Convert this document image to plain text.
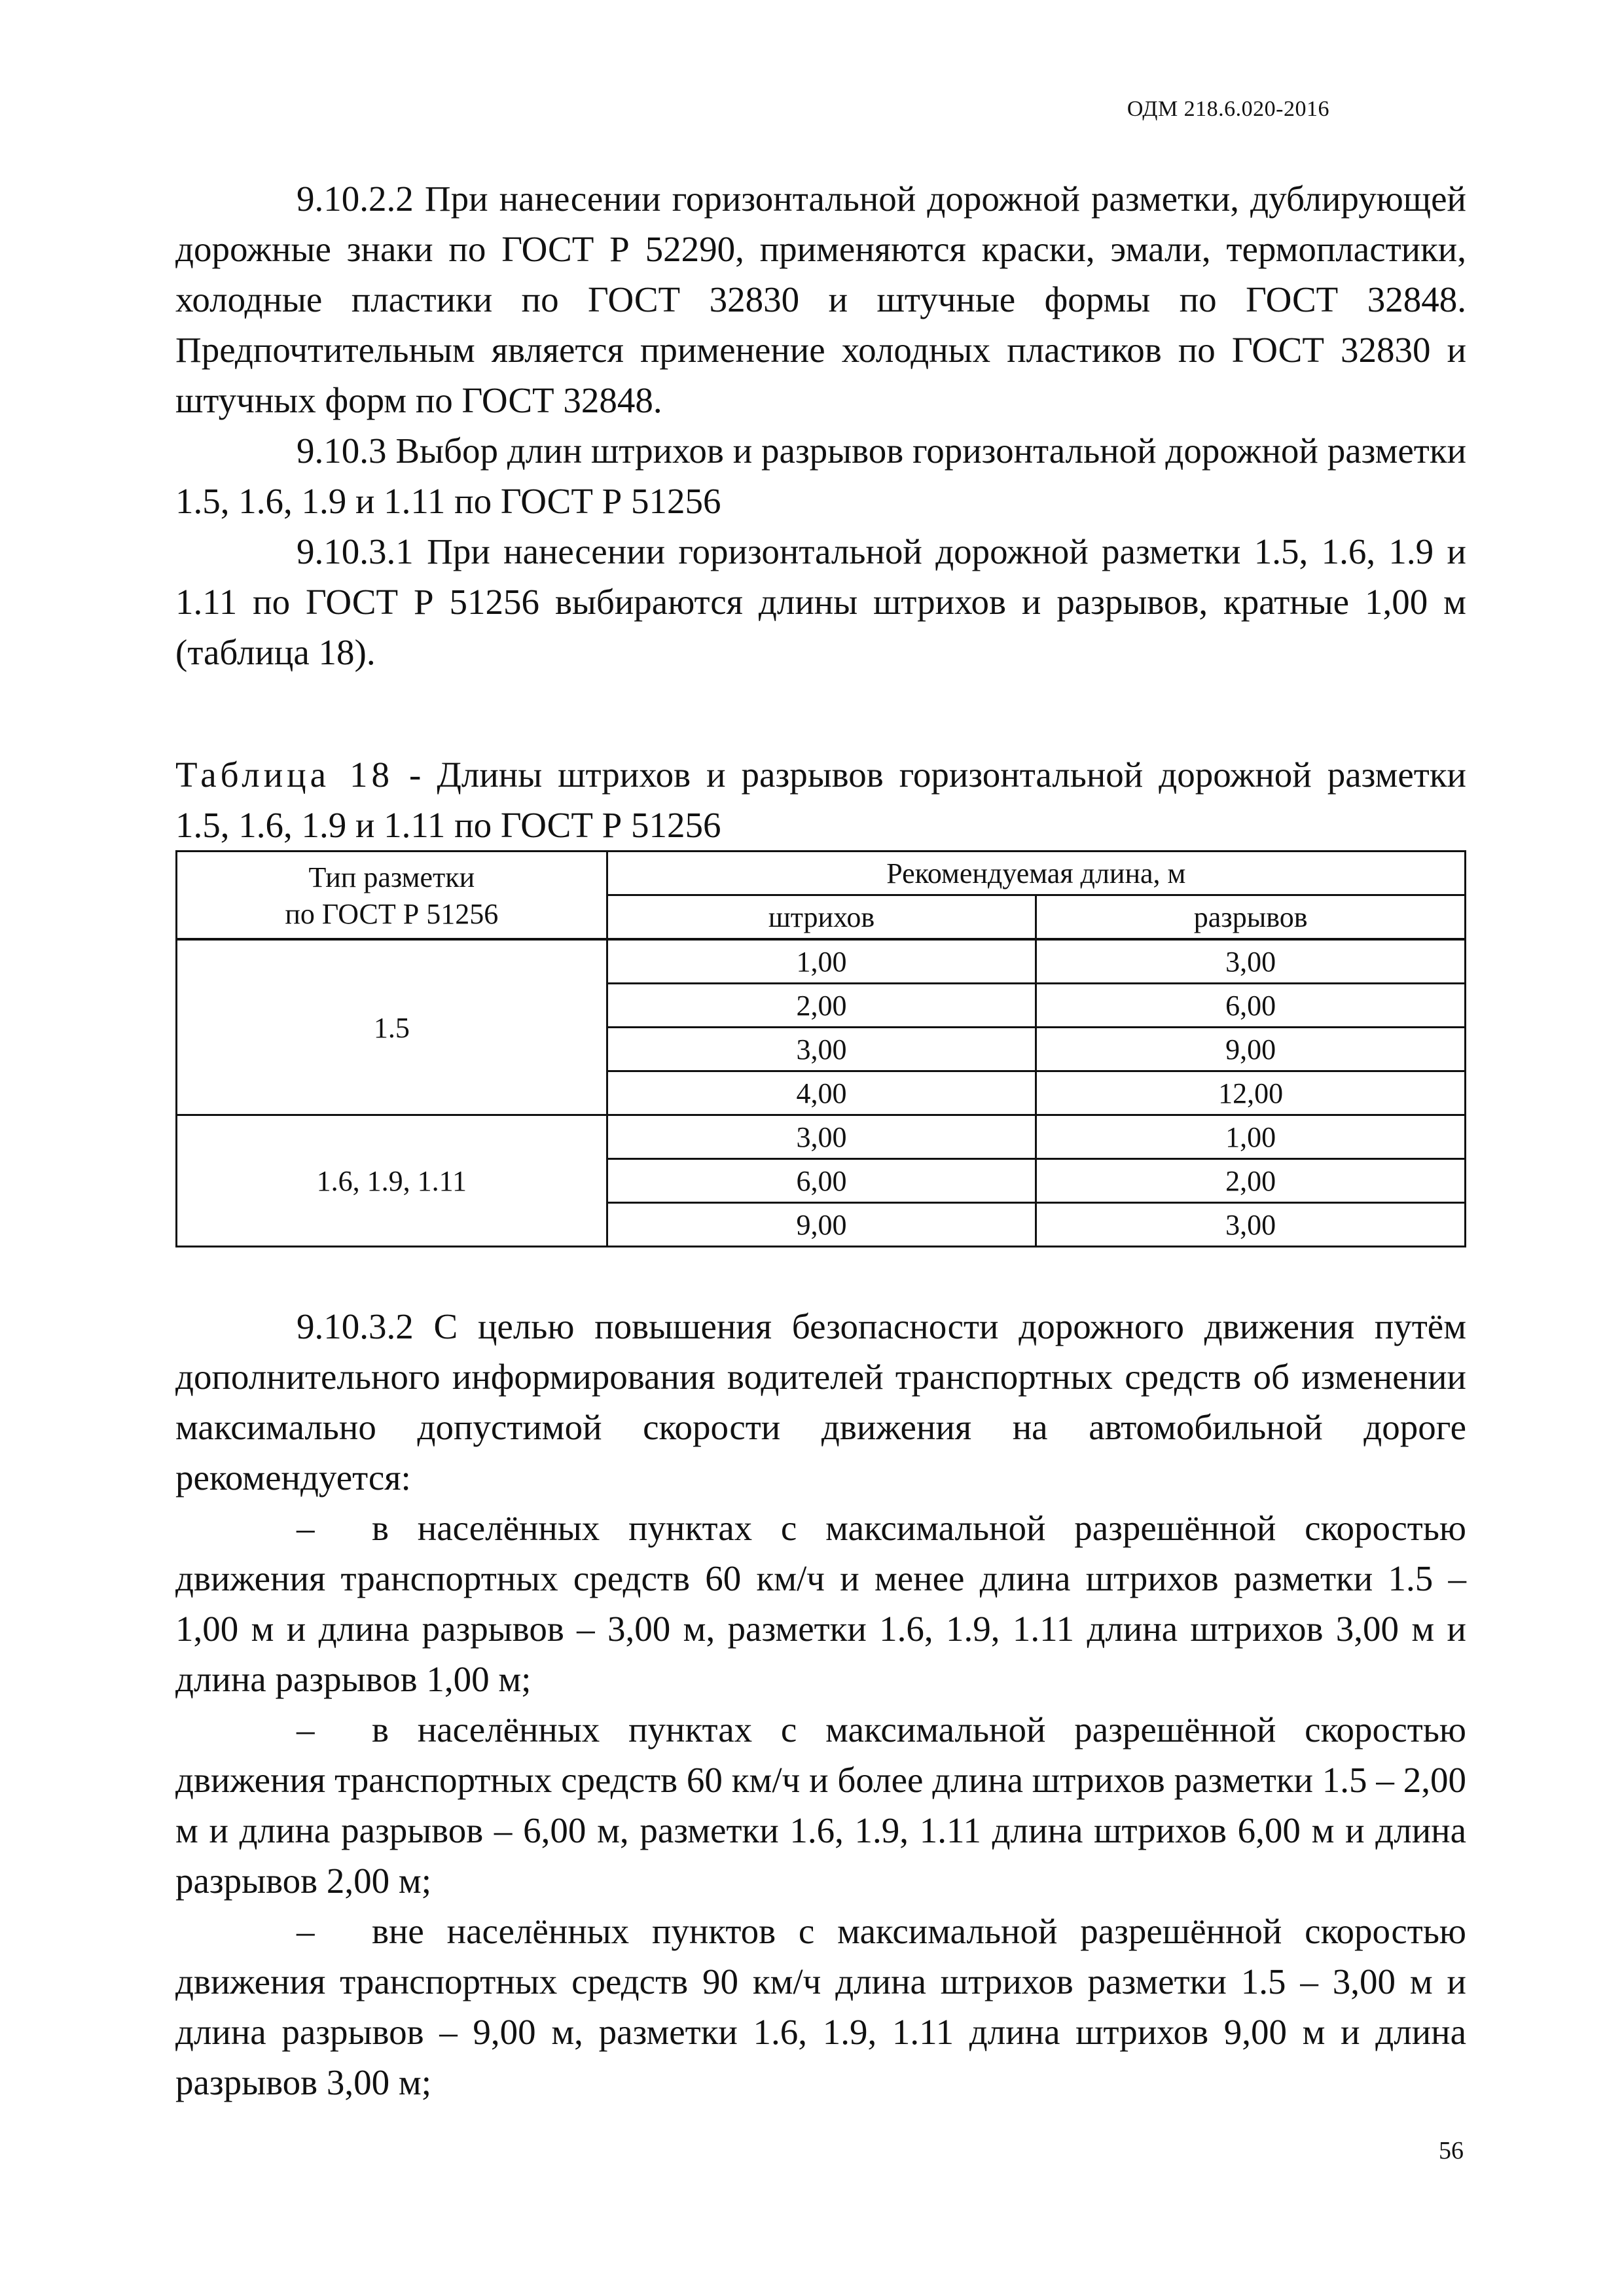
ОДМ 218.6.020-2016

9.10.2.2 При нанесении горизонтальной дорожной разметки, дублирующей дорожные знаки по ГОСТ Р 52290, применяются краски, эмали, термопластики, холодные пластики по ГОСТ 32830 и штучные формы по ГОСТ 32848. Предпочтительным является применение холодных пластиков по ГОСТ 32830 и штучных форм по ГОСТ 32848.

9.10.3 Выбор длин штрихов и разрывов горизонтальной дорожной разметки 1.5, 1.6, 1.9 и 1.11 по ГОСТ Р 51256

9.10.3.1 При нанесении горизонтальной дорожной разметки 1.5, 1.6, 1.9 и 1.11 по ГОСТ Р 51256 выбираются длины штрихов и разрывов, кратные 1,00 м (таблица 18).

Таблица 18 - Длины штрихов и разрывов горизонтальной дорожной разметки 1.5, 1.6, 1.9 и 1.11 по ГОСТ Р 51256

Тип разметки
по ГОСТ Р 51256	Рекомендуемая длина, м	
	штрихов	разрывов
1.5	1,00	3,00
	2,00	6,00
	3,00	9,00
	4,00	12,00
1.6, 1.9, 1.11	3,00	1,00
	6,00	2,00
	9,00	3,00

9.10.3.2 С целью повышения безопасности дорожного движения путём дополнительного информирования водителей транспортных средств об изменении максимально допустимой скорости движения на автомобильной дороге рекомендуется:

– в населённых пунктах с максимальной разрешённой скоростью движения транспортных средств 60 км/ч и менее длина штрихов разметки 1.5 – 1,00 м и длина разрывов – 3,00 м, разметки 1.6, 1.9, 1.11 длина штрихов 3,00 м и длина разрывов 1,00 м;

– в населённых пунктах с максимальной разрешённой скоростью движения транспортных средств 60 км/ч и более длина штрихов разметки 1.5 – 2,00 м и длина разрывов – 6,00 м, разметки 1.6, 1.9, 1.11 длина штрихов 6,00 м и длина разрывов 2,00 м;

– вне населённых пунктов с максимальной разрешённой скоростью движения транспортных средств 90 км/ч длина штрихов разметки 1.5 – 3,00 м и длина разрывов – 9,00 м, разметки 1.6, 1.9, 1.11 длина штрихов 9,00 м и длина разрывов 3,00 м;

56
